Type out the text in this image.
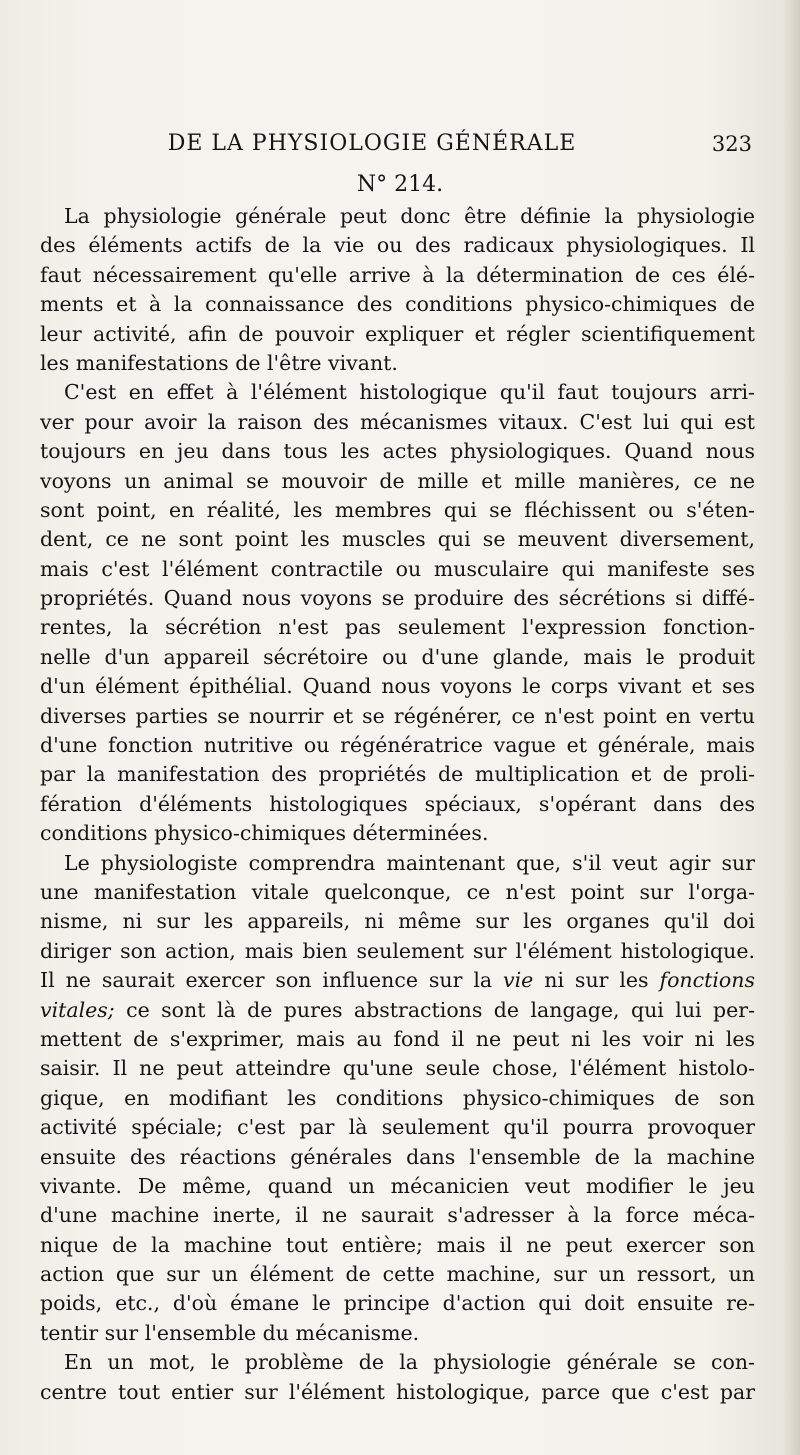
DE LA PHYSIOLOGIE GÉNÉRALE	323
N° 214.
La physiologie générale peut donc être définie la physiologie
des éléments actifs de la vie ou des radicaux physiologiques. Il
faut nécessairement qu'elle arrive à la détermination de ces élé-
ments et à la connaissance des conditions physico-chimiques de
leur activité, afin de pouvoir expliquer et régler scientifiquement
les manifestations de l'être vivant.
C'est en effet à l'élément histologique qu'il faut toujours arri-
ver pour avoir la raison des mécanismes vitaux. C'est lui qui est
toujours en jeu dans tous les actes physiologiques. Quand nous
voyons un animal se mouvoir de mille et mille manières, ce ne
sont point, en réalité, les membres qui se fléchissent ou s'éten-
dent, ce ne sont point les muscles qui se meuvent diversement,
mais c'est l'élément contractile ou musculaire qui manifeste ses
propriétés. Quand nous voyons se produire des sécrétions si diffé-
rentes, la sécrétion n'est pas seulement l'expression fonction-
nelle d'un appareil sécrétoire ou d'une glande, mais le produit
d'un élément épithélial. Quand nous voyons le corps vivant et ses
diverses parties se nourrir et se régénérer, ce n'est point en vertu
d'une fonction nutritive ou régénératrice vague et générale, mais
par la manifestation des propriétés de multiplication et de proli-
fération d'éléments histologiques spéciaux, s'opérant dans des
conditions physico-chimiques déterminées.
Le physiologiste comprendra maintenant que, s'il veut agir sur
une manifestation vitale quelconque, ce n'est point sur l'orga-
nisme, ni sur les appareils, ni même sur les organes qu'il doi
diriger son action, mais bien seulement sur l'élément histologique.
Il ne saurait exercer son influence sur la vie ni sur les fonctions
vitales; ce sont là de pures abstractions de langage, qui lui per-
mettent de s'exprimer, mais au fond il ne peut ni les voir ni les
saisir. Il ne peut atteindre qu'une seule chose, l'élément histolo-
gique, en modifiant les conditions physico-chimiques de son
activité spéciale; c'est par là seulement qu'il pourra provoquer
ensuite des réactions générales dans l'ensemble de la machine
vivante. De même, quand un mécanicien veut modifier le jeu
d'une machine inerte, il ne saurait s'adresser à la force méca-
nique de la machine tout entière; mais il ne peut exercer son
action que sur un élément de cette machine, sur un ressort, un
poids, etc., d'où émane le principe d'action qui doit ensuite re-
tentir sur l'ensemble du mécanisme.
En un mot, le problème de la physiologie générale se con-
centre tout entier sur l'élément histologique, parce que c'est par
